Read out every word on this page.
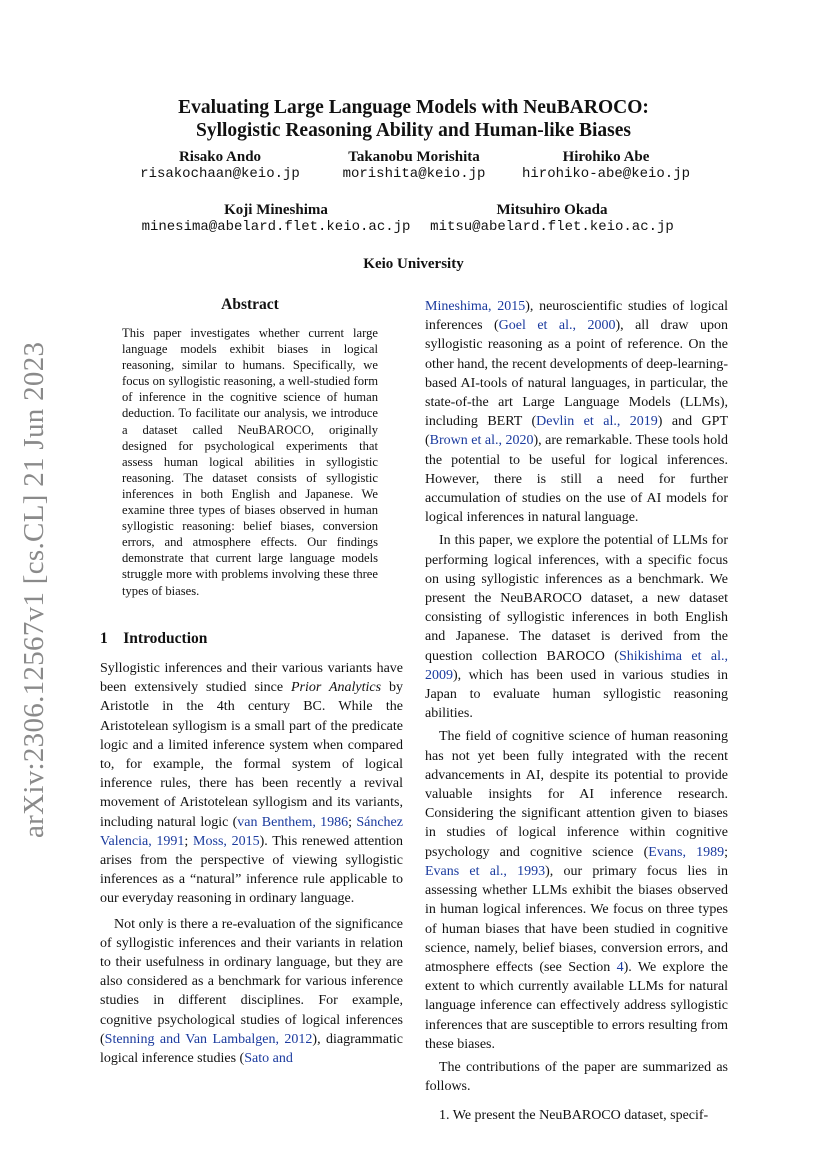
arXiv:2306.12567v1 [cs.CL] 21 Jun 2023
Evaluating Large Language Models with NeuBAROCO:
Syllogistic Reasoning Ability and Human-like Biases
Risako Ando
risakochaan@keio.jp
Takanobu Morishita
morishita@keio.jp
Hirohiko Abe
hirohiko-abe@keio.jp
Koji Mineshima
minesima@abelard.flet.keio.ac.jp
Mitsuhiro Okada
mitsu@abelard.flet.keio.ac.jp
Keio University
Abstract

This paper investigates whether current large language models exhibit biases in logical reasoning, similar to humans. Specifically, we focus on syllogistic reasoning, a well-studied form of inference in the cognitive science of human deduction. To facilitate our analysis, we introduce a dataset called NeuBAROCO, originally designed for psychological experiments that assess human logical abilities in syllogistic reasoning. The dataset consists of syllogistic inferences in both English and Japanese. We examine three types of biases observed in human syllogistic reasoning: belief biases, conversion errors, and atmosphere effects. Our findings demonstrate that current large language models struggle more with problems involving these three types of biases.

1    Introduction

Syllogistic inferences and their various variants have been extensively studied since Prior Analytics by Aristotle in the 4th century BC. While the Aristotelean syllogism is a small part of the predicate logic and a limited inference system when compared to, for example, the formal system of logical inference rules, there has been recently a revival movement of Aristotelean syllogism and its variants, including natural logic (van Benthem, 1986; Sánchez Valencia, 1991; Moss, 2015). This renewed attention arises from the perspective of viewing syllogistic inferences as a “natural” inference rule applicable to our everyday reasoning in ordinary language.

Not only is there a re-evaluation of the significance of syllogistic inferences and their variants in relation to their usefulness in ordinary language, but they are also considered as a benchmark for various inference studies in different disciplines. For example, cognitive psychological studies of logical inferences (Stenning and Van Lambalgen, 2012), diagrammatic logical inference studies (Sato and

Mineshima, 2015), neuroscientific studies of logical inferences (Goel et al., 2000), all draw upon syllogistic reasoning as a point of reference. On the other hand, the recent developments of deep-learning-based AI-tools of natural languages, in particular, the state-of-the art Large Language Models (LLMs), including BERT (Devlin et al., 2019) and GPT (Brown et al., 2020), are remarkable. These tools hold the potential to be useful for logical inferences. However, there is still a need for further accumulation of studies on the use of AI models for logical inferences in natural language.

In this paper, we explore the potential of LLMs for performing logical inferences, with a specific focus on using syllogistic inferences as a benchmark. We present the NeuBAROCO dataset, a new dataset consisting of syllogistic inferences in both English and Japanese. The dataset is derived from the question collection BAROCO (Shikishima et al., 2009), which has been used in various studies in Japan to evaluate human syllogistic reasoning abilities.

The field of cognitive science of human reasoning has not yet been fully integrated with the recent advancements in AI, despite its potential to provide valuable insights for AI inference research. Considering the significant attention given to biases in studies of logical inference within cognitive psychology and cognitive science (Evans, 1989; Evans et al., 1993), our primary focus lies in assessing whether LLMs exhibit the biases observed in human logical inferences. We focus on three types of human biases that have been studied in cognitive science, namely, belief biases, conversion errors, and atmosphere effects (see Section 4). We explore the extent to which currently available LLMs for natural language inference can effectively address syllogistic inferences that are susceptible to errors resulting from these biases.

The contributions of the paper are summarized as follows.

1. We present the NeuBAROCO dataset, specif-
